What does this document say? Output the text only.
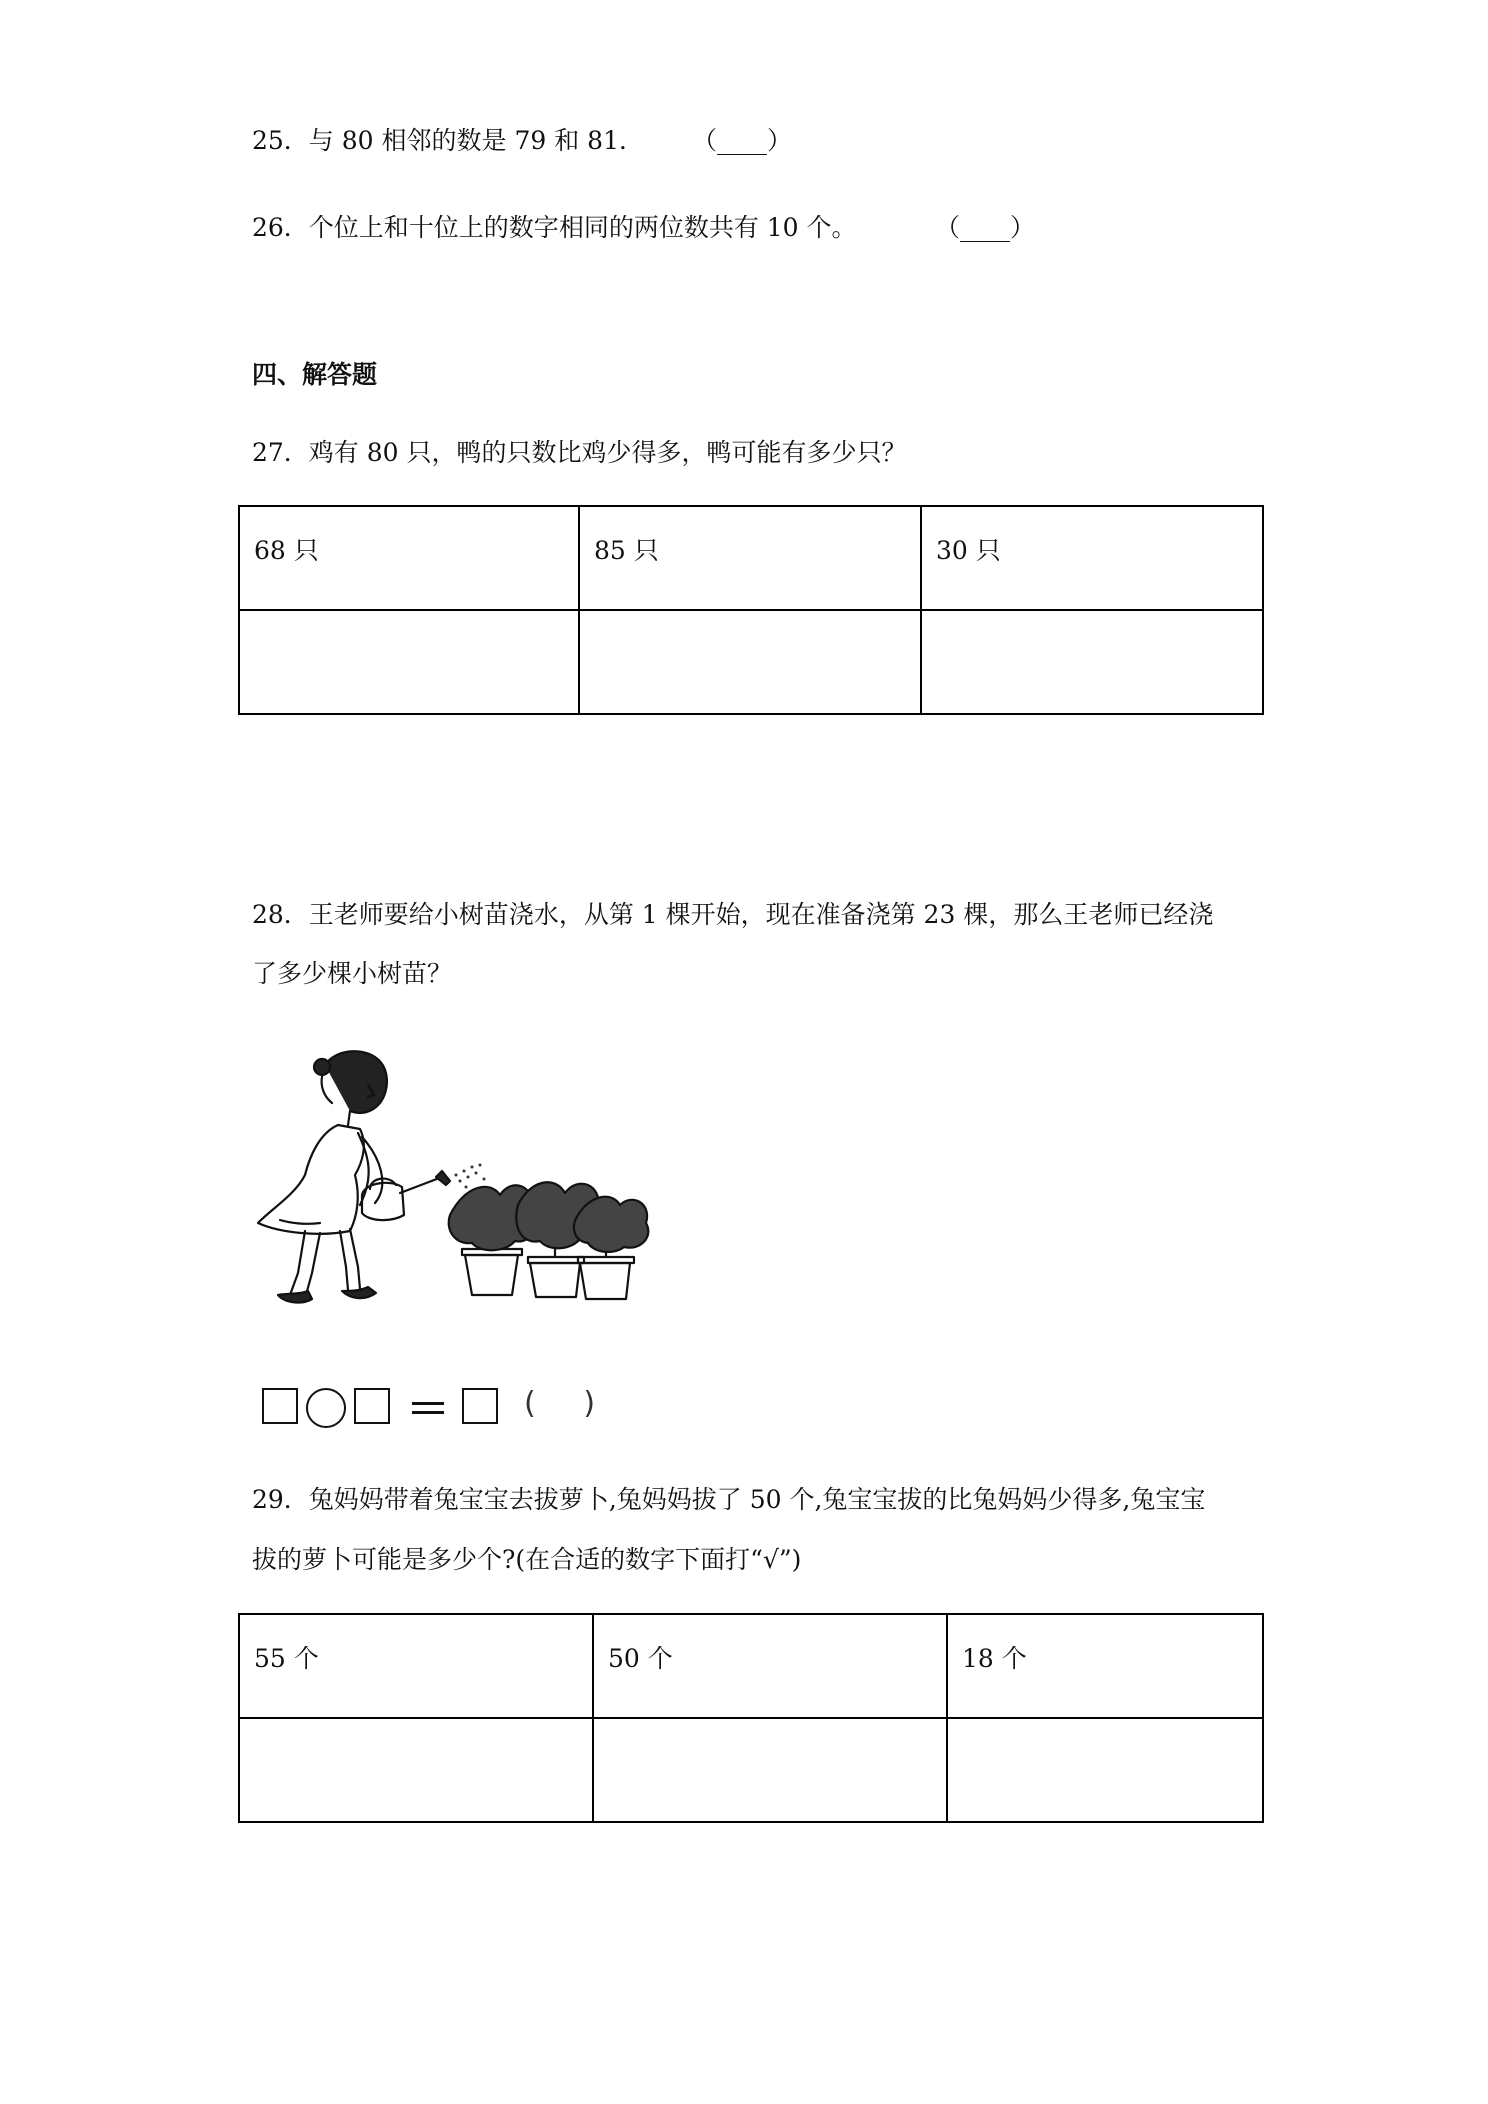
25．与 80 相邻的数是 79 和 81． （____）
26．个位上和十位上的数字相同的两位数共有 10 个。	（____）
四、解答题
27．鸡有 80 只，鸭的只数比鸡少得多，鸭可能有多少只？
68 只	85 只	30 只

28．王老师要给小树苗浇水，从第 1 棵开始，现在准备浇第 23 棵，那么王老师已经浇
了多少棵小树苗？
(     )
29．兔妈妈带着兔宝宝去拔萝卜,兔妈妈拔了 50 个,兔宝宝拔的比兔妈妈少得多,兔宝宝
拔的萝卜可能是多少个?(在合适的数字下面打“√”)
55 个	50 个	18 个
